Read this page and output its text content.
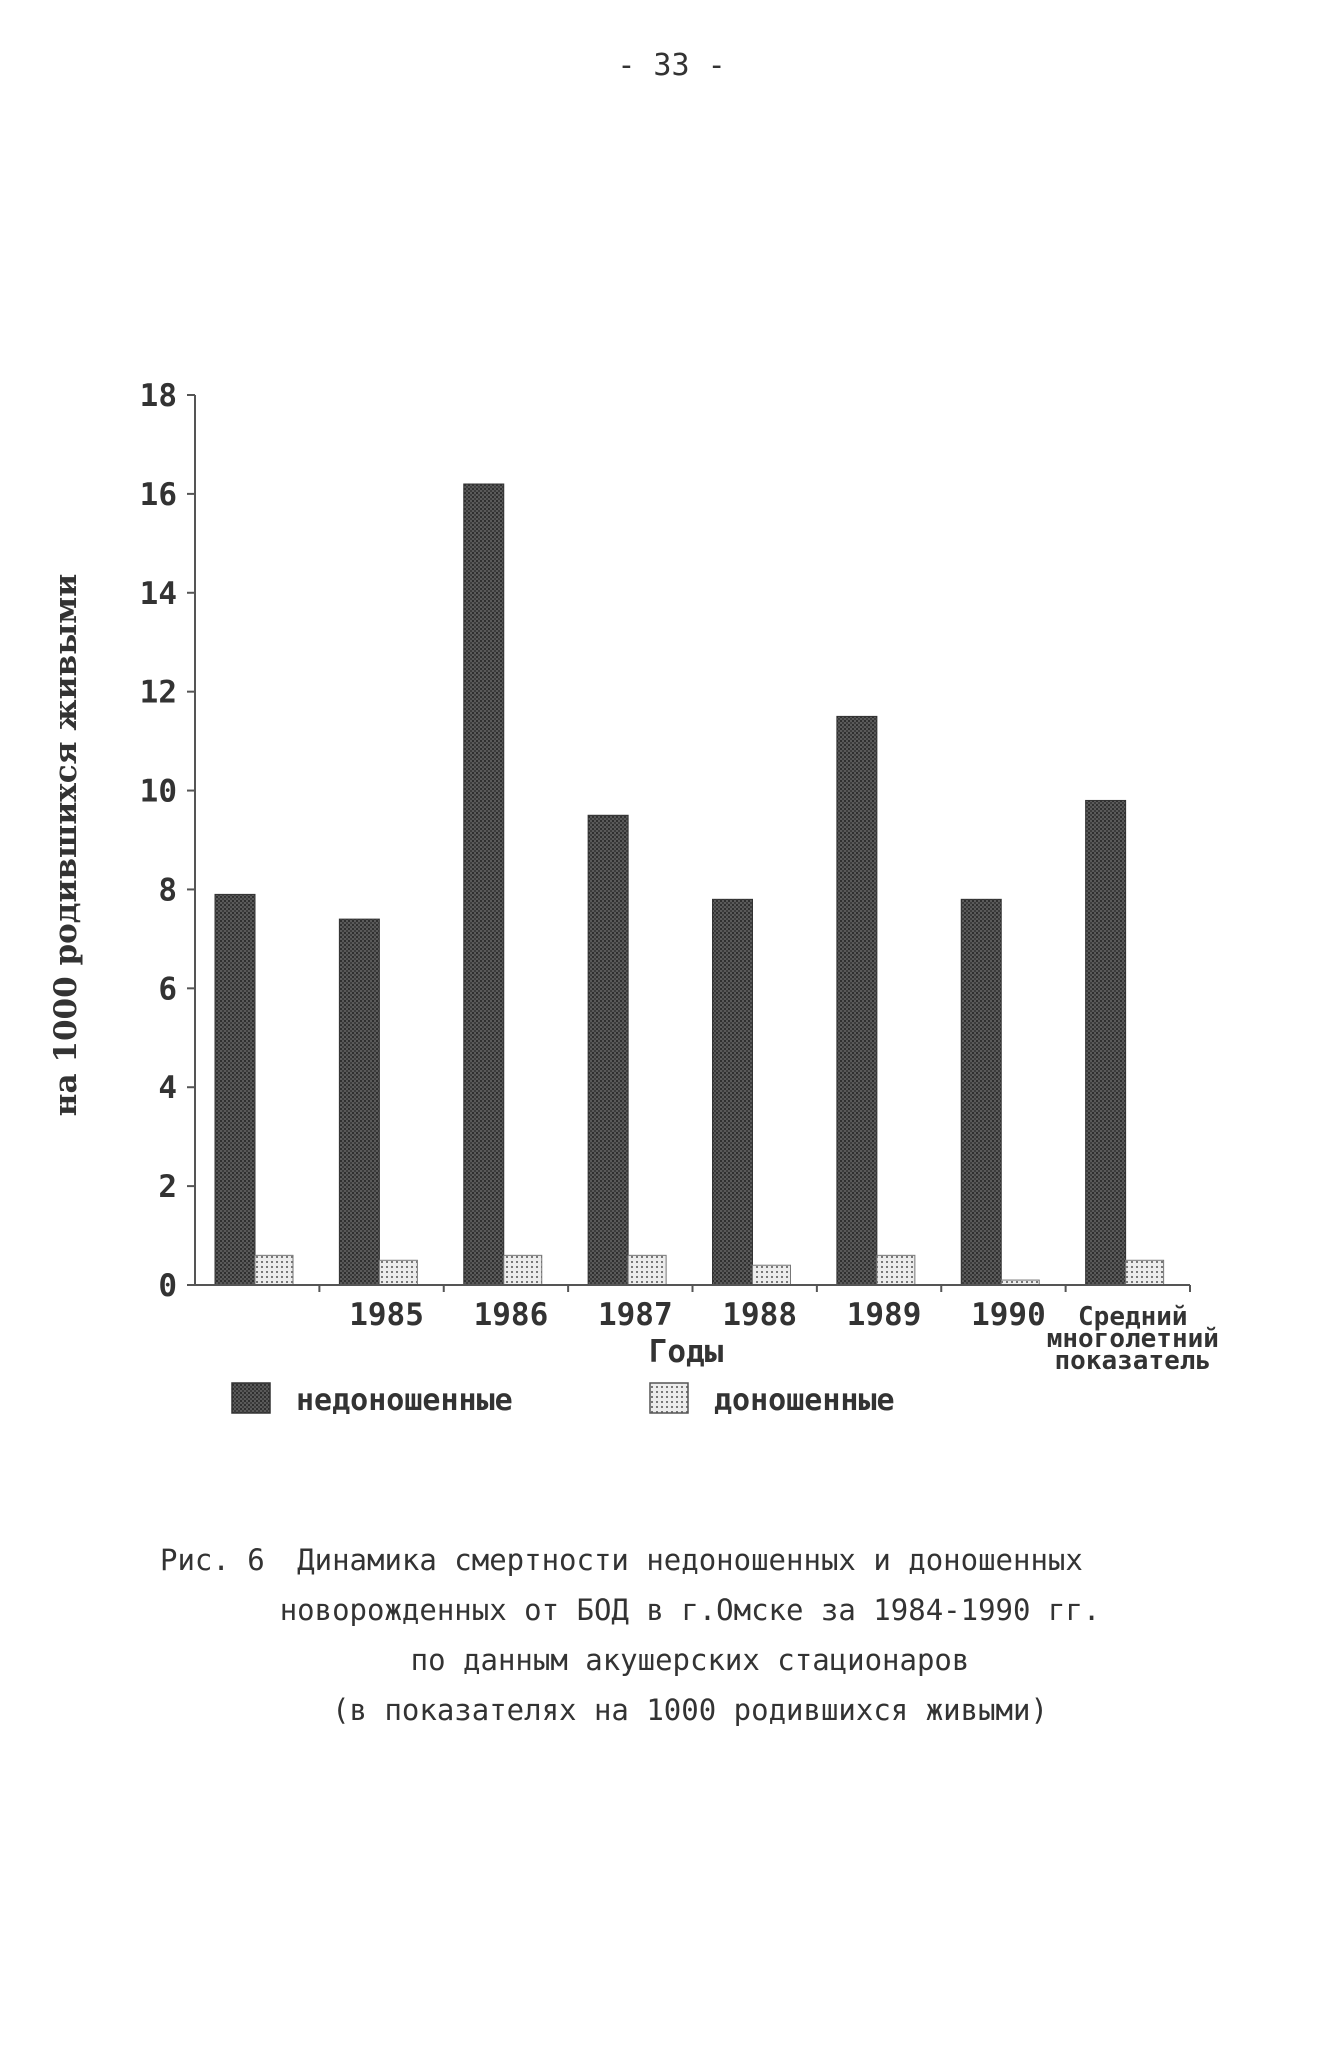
- 33 -
0
2
4
6
8
10
12
14
16
18
1985 1986 1987 1988 1989 1990	Средний многолетний показатель
на 1000 родившихся живыми
Годы
недоношенные	доношенные
Рис. 6	Динамика смертности недоношенных и доношенных
новорожденных от БОД в г.Омске за 1984-1990 гг.
по данным акушерских стационаров
(в показателях на 1000 родившихся живыми)
